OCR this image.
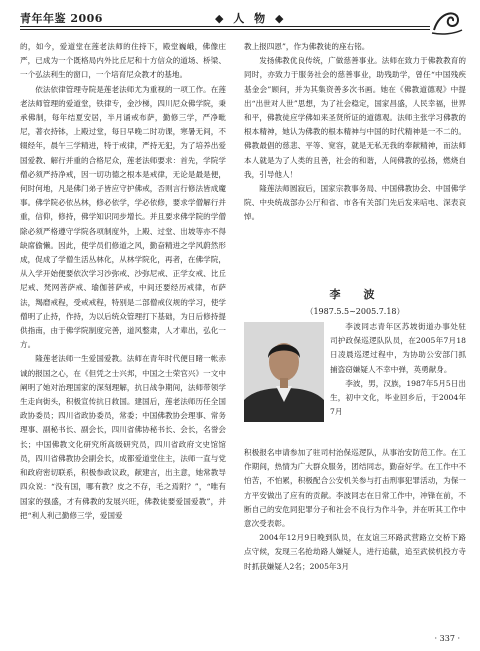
青年年鉴 2006	◆ 人 物 ◆

的，如今，爱道堂在莲老法师的住持下，殿堂巍峨，佛像庄严，已成为一个既格局内外比丘尼和十方信众的道场、桥梁、一个弘法利生的窗口，一个培育尼众教才的基地。

依法依律管理寺院是莲老法师尤为重视的一项工作。在莲老法师管理的爱道堂，铁律专，金沙梯，四川尼众佛学院，秉承佛制，每年结夏安居，半月诵戒布萨，勤修三学，严净毗尼，著衣持钵，上殿过堂，每日早晚二时功课，寒暑无间，不辍经年，晨午三学精进，特于戒律，严持无犯，为了培养出爱国爱教、解行并重的合格尼众，莲老法师要求：首先，学院学僧必须严持净戒，因一切功德之根本是戒律，无论是最是便，何时何地，凡是佛门弟子皆应守护佛戒，否则言行修法皆成魔事。佛学院必依丛林，修必依学，学必依修，要求学僧解行并重，信仰，修持，佛学知识同步增长。并且要求佛学院的学僧除必须严格遵守学院各项制度外，上殿、过堂、出坡等亦不得缺席偷懒。因此，使学员们修道之风，勤奋精进之学风蔚然形成，促成了学僧生活丛林化，从林学院化，再者，在佛学院，从入学开始便要依次学习沙弥戒、沙弥尼戒、正学女戒、比丘尼戒、梵网菩萨戒、瑜伽菩萨戒，中间还要经历戒律，布萨法，羯磨戒程，受戒戒程，特别是二部僧戒仪规的学习，使学僧明了止持，作持，为以后统众管理打下基础，为日后修持提供指南，由于佛学院制度完善，道风整肃，人才辈出，弘化一方。

隆莲老法师一生爱国爱教。法师在青年时代便目睹一帐赤诚的报国之心，在《但凭之士兴邦，中国之士荣官兴》一文中阐明了她对治理国家的深刻理解，抗日战争期间，法师带领学生走向街头，积极宣传抗日救国。建国后，莲老法师历任全国政协委员；四川省政协委员，常委；中国佛教协会理事、常务理事、副秘书长、副会长，四川省佛协秘书长、会长，名誉会长；中国佛教文化研究所高级研究员，四川省政府文史馆馆员，四川省佛教协会副会长，成都爱道堂住主，法师一直与党和政府密切联系，积极参政议政，献建言，出主意，她常教导四众说：“没有国，哪有教？皮之不存，毛之焉附？”，“唯有国家的强盛，才有佛教的发展兴旺，佛教徒要爱国爱教”，并把“利人利己勤修三学，爱国爱

教上报四恩”，作为佛教徒的座右铭。

发扬佛教优良传统，广做慈善事业。法师在致力于佛教教育的同时，亦致力于服务社会的慈善事业，助残助学，曾任“中国残疾基金会”顾问，并为其集资善多次书画。她在《佛教道德观》中提出“出世对人世”思想，为了社会稳定，国家昌盛，人民幸福，世界和平，佛教徒应学佛如来圣贤所证的道德观。法师主张学习佛教的根本精神，她认为佛教的根本精神与中国的时代精神是一不二的。佛教最倡的慈悲、平等、宽容，就是无私无我的奉献精神，而法师本人就是为了人类的且善，社会的和谐，人间佛教的弘扬，燃烧自我，引导他人！

隆莲法师圆寂后，国家宗教事务局、中国佛教协会、中国佛学院、中央统战部办公厅和省、市各有关部门先后发来唁电、深表哀悼。

李　波
（1987.5.5~2005.7.18）

李波同志青年区苏坡街道办事处驻司护政保巡逻队队员，在2005年7月18日凌晨巡逻过程中，为协助公安部门抓捕盗窃嫌疑人不幸中弹，英勇献身。

李波，男，汉族，1987年5月5日出生，初中文化，毕业回乡后，于2004年7月

积极报名申请参加了驻司村治保巡逻队，从事治安防范工作。在工作期间，热情为广大群众服务，团结同志，勤奋好学。在工作中不怕苦，不怕累，积极配合公安机关参与打击刑事犯罪活动，为保一方平安做出了应有的贡献。李波同志在日常工作中，冲锋在前，不断自己的安危同犯罪分子和社会不良行为作斗争，并在听其工作中意次受表彰。

2004年12月9日晚到队员，在友谊三环路武营路立交桥下路点守候，发现三名抢劫路人嫌疑人，进行追截，追至武侯机投方寺时抓获嫌疑人2名；2005年3月

· 337 ·
